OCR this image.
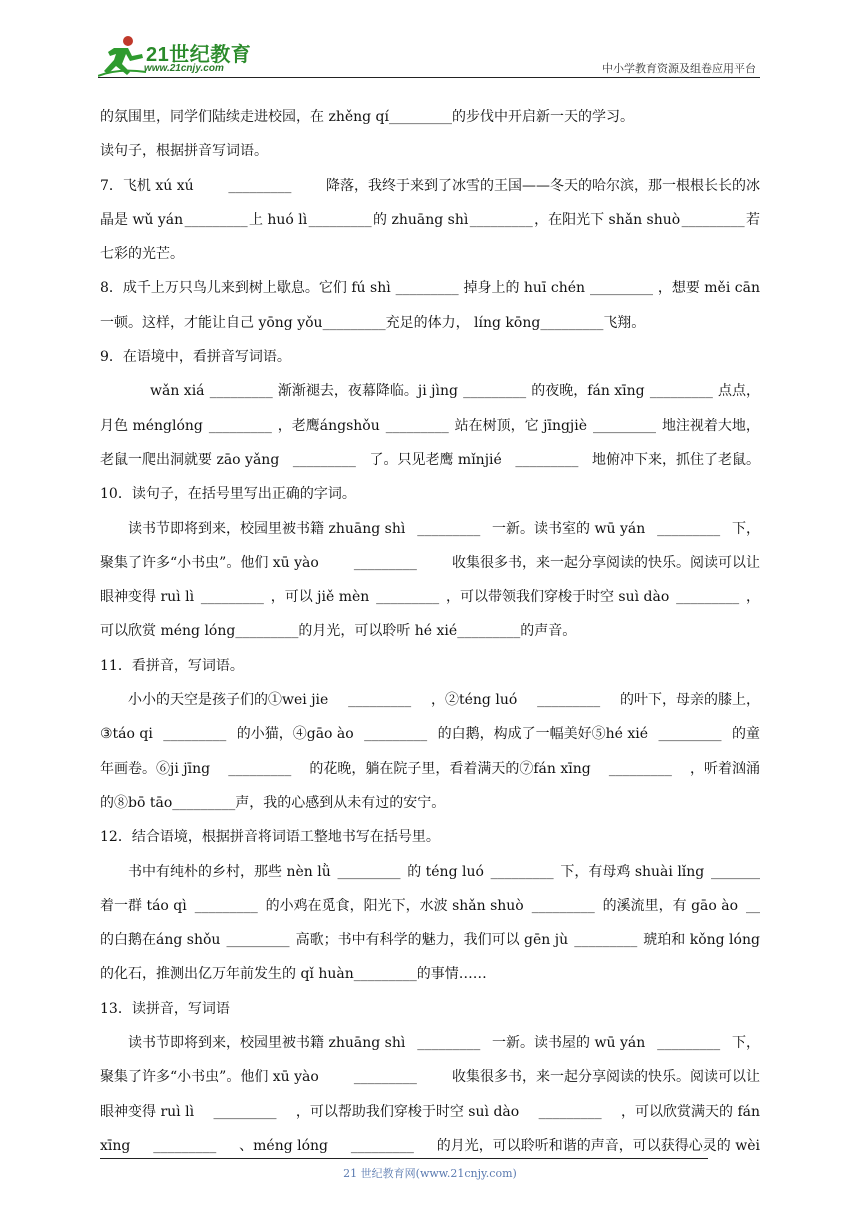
21世纪教育
www.21cnjy.com	中小学教育资源及组卷应用平台
的氛围里，同学们陆续走进校园，在 zhěng qí _________ 的步伐中开启新一天的学习。
读句子，根据拼音写词语。
7．飞机 xú xú _________ 降落，我终于来到了冰雪的王国——冬天的哈尔滨，那一根根长长的冰
晶是 wǔ yán _________ 上 huó lì _________ 的 zhuāng shì _________ ，在阳光下 shǎn shuò _________ 若
七彩的光芒。
8．成千上万只鸟儿来到树上歇息。它们 fú shì _________ 掉身上的 huī chén _________ ，想要 měi cān
一顿。这样，才能让自己 yōng yǒu _________ 充足的体力， líng kōng _________ 飞翔。
9．在语境中，看拼音写词语。
wǎn xiá _________ 渐渐褪去，夜幕降临。ji jìng _________ 的夜晚，fán xīng _________ 点点，
月色 ménglóng _________ ，老鹰ángshǒu _________ 站在树顶，它 jīngjiè _________ 地注视着大地，
老鼠一爬出洞就要 zāo yǎng _________ 了。只见老鹰 mǐnjié _________ 地俯冲下来，抓住了老鼠。
10．读句子，在括号里写出正确的字词。
读书节即将到来，校园里被书籍 zhuāng shì _________ 一新。读书室的 wū yán _________ 下，
聚集了许多“小书虫”。他们 xū yào	_________	收集很多书，来一起分享阅读的快乐。阅读可以让
眼神变得 ruì lì _________ ，可以 jiě mèn _________ ，可以带领我们穿梭于时空 suì dào _________ ，
可以欣赏 méng lóng _________ 的月光，可以聆听 hé xié _________ 的声音。
11．看拼音，写词语。
小小的天空是孩子们的①wei jie _________ ，②téng luó _________ 的叶下，母亲的膝上，
③táo qi _________ 的小猫，④gāo ào _________ 的白鹅，构成了一幅美好⑤hé xié _________ 的童
年画卷。⑥ji jīng _________ 的花晚，躺在院子里，看着满天的⑦fán xīng _________ ，听着汹涌
的⑧bō tāo _________ 声，我的心感到从未有过的安宁。
12．结合语境，根据拼音将词语工整地书写在括号里。
书中有纯朴的乡村，那些 nèn lǜ _________ 的 téng luó _________ 下，有母鸡 shuài lǐng _______
着一群 táo qì _________ 的小鸡在觅食，阳光下，水波 shǎn shuò _________ 的溪流里，有 gāo ào __
的白鹅在áng shǒu _________ 高歌；书中有科学的魅力，我们可以 gēn jù _________ 琥珀和 kǒng lóng
的化石，推测出亿万年前发生的 qǐ huàn _________ 的事情……
13．读拼音，写词语
读书节即将到来，校园里被书籍 zhuāng shì _________ 一新。读书屋的 wū yán _________ 下，
聚集了许多“小书虫”。他们 xū yào	_________	收集很多书，来一起分享阅读的快乐。阅读可以让
眼神变得 ruì lì _________ ，可以帮助我们穿梭于时空 suì dào _________ ，可以欣赏满天的 fán
xīng _________ 、méng lóng _________ 的月光，可以聆听和谐的声音，可以获得心灵的 wèi
21 世纪教育网(www.21cnjy.com)
